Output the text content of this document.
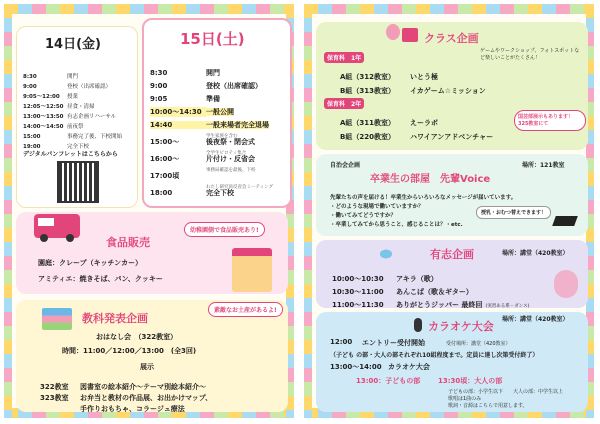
14日(金)
8:30	開門
9:00	登校（出席確認）
9:05〜12:00 授業
12:05〜12:50 昼食・清掃
13:00〜13:50 有志企画リハーサル
14:00〜14:50 前夜祭
15:00	事務完了後、下校開始
19:00	完全下校
デジタルパンフレットはこちらから
15日(土)
8:30	開門
9:00	登校（出席確認）
9:05	準備
10:00〜14:30 一般公開
14:40	一般来場者完全退場
学生家族を含む
15:00〜	後夜祭・閉会式
全学生ピロティ集合
16:00〜	片付け・反省会
事務局確認を最後、下校
17:00頃
わたし研究員反省会ミーティング
18:00	完全下校
食品販売
幼稚園側で食品販売あり!
園庭：クレープ（キッチンカー）
アミティエ：焼きそば、パン、クッキー
教科発表企画
素敵なお土産があるよ!
おはなし会　（322教室）
時間：11:00／12:00／13:00　(全3回)
展示
322教室 図書室の絵本紹介〜テーマ別絵本紹介〜
323教室 お弁当と教材の作品展、お出かけマップ、
手作りおもちゃ、コラージュ療法
クラス企画
ゲームやワークショップ、フォトスポットなど楽しいことがたくさん！
保育科　1年
A組（312教室） いとう極
B組（313教室） イカゲーム☆ミッション
保育科　2年
A組（311教室） えーラボ
B組（220教室） ハワイアンアドベンチャー
国芸部展示もあります！325教室にて
自治会企画	場所：121教室
卒業生の部屋　先輩Voice
先輩たちの声を届ける！卒業生からいろいろなメッセージが届いています。
・どのような現場で働いていますか？
・働いてみてどうですか？
・卒業してみてから思うこと、感じることは？・etc.
授乳・おむつ替えできます！
有志企画	場所：講堂（420教室）
10:00〜10:30 アキラ（歌）
10:30〜11:00 あんこば（歌＆ギター）
11:00〜11:30 ありがとうジッパー 最終回 (実習ある系・ダンス)
カラオケ大会
場所：講堂（420教室）
12:00 エントリー受付開始	受付場所：講堂（420教室）
（子ども の部・大人の部それぞれ10組程度まで。定員に達し次第受付終了）
13:00〜14:00 カラオケ大会
13:00：子どもの部	13:30頃：大人の部
子どもの部：小学生以下　　大人の部：中学生以上
歌唱は1曲のみ
歌詞・音源はこちらで用意します。
